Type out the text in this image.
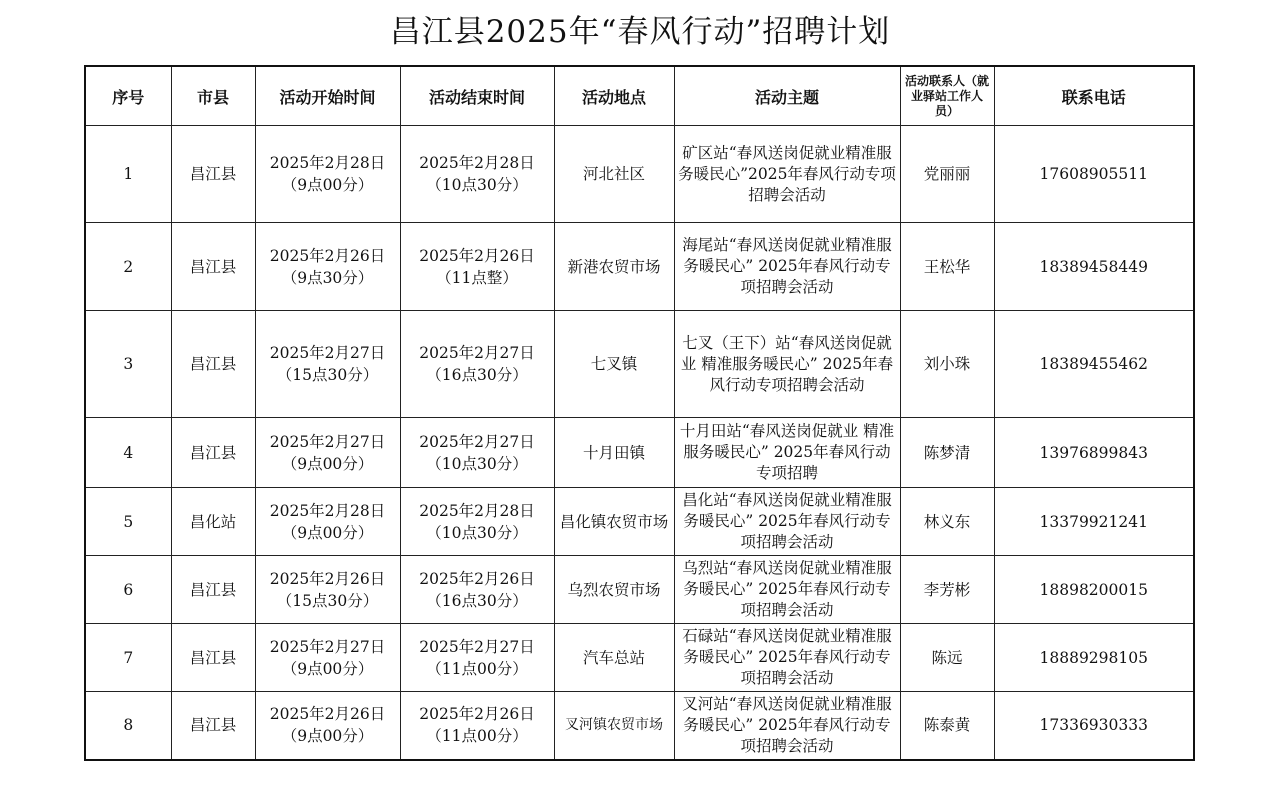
昌江县2025年“春风行动”招聘计划
序号	市县	活动开始时间	活动结束时间	活动地点	活动主题	活动联系人（就业驿站工作人员）	联系电话
1	昌江县	2025年2月28日（9点00分）	2025年2月28日（10点30分）	河北社区	矿区站“春风送岗促就业精准服务暖民心”2025年春风行动专项招聘会活动	党丽丽	17608905511
2	昌江县	2025年2月26日（9点30分）	2025年2月26日（11点整）	新港农贸市场	海尾站“春风送岗促就业精准服务暖民心” 2025年春风行动专项招聘会活动	王松华	18389458449
3	昌江县	2025年2月27日（15点30分）	2025年2月27日（16点30分）	七叉镇	七叉（王下）站“春风送岗促就业 精准服务暖民心” 2025年春风行动专项招聘会活动	刘小珠	18389455462
4	昌江县	2025年2月27日（9点00分）	2025年2月27日（10点30分）	十月田镇	十月田站“春风送岗促就业 精准服务暖民心” 2025年春风行动专项招聘	陈梦清	13976899843
5	昌化站	2025年2月28日（9点00分）	2025年2月28日（10点30分）	昌化镇农贸市场	昌化站“春风送岗促就业精准服务暖民心” 2025年春风行动专项招聘会活动	林义东	13379921241
6	昌江县	2025年2月26日（15点30分）	2025年2月26日（16点30分）	乌烈农贸市场	乌烈站“春风送岗促就业精准服务暖民心” 2025年春风行动专项招聘会活动	李芳彬	18898200015
7	昌江县	2025年2月27日（9点00分）	2025年2月27日（11点00分）	汽车总站	石碌站“春风送岗促就业精准服务暖民心” 2025年春风行动专项招聘会活动	陈远	18889298105
8	昌江县	2025年2月26日（9点00分）	2025年2月26日（11点00分）	叉河镇农贸市场	叉河站“春风送岗促就业精准服务暖民心” 2025年春风行动专项招聘会活动	陈泰黄	17336930333
